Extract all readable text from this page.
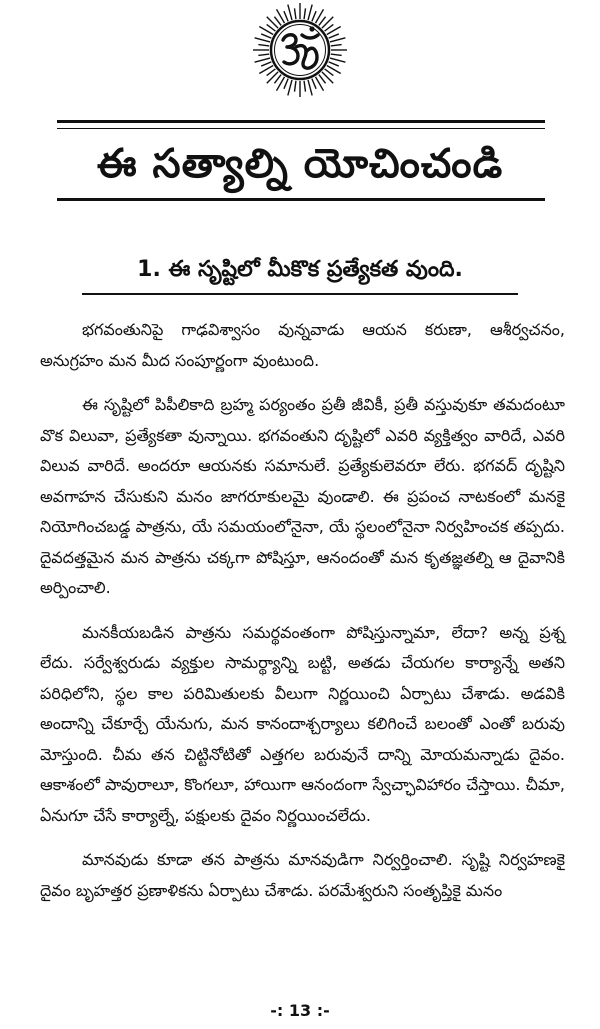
ఈ సత్యాల్ని యోచించండి
1. ఈ సృష్టిలో మీకొక ప్రత్యేకత వుంది.

భగవంతునిపై గాఢవిశ్వాసం వున్నవాడు ఆయన కరుణా, ఆశీర్వచనం, అనుగ్రహం మన మీద సంపూర్ణంగా వుంటుంది.

ఈ సృష్టిలో పిపీలికాది బ్రహ్మ పర్యంతం ప్రతీ జీవికీ, ప్రతీ వస్తువుకూ తమదంటూ వొక విలువా, ప్రత్యేకతా వున్నాయి. భగవంతుని దృష్టిలో ఎవరి వ్యక్తిత్వం వారిదే, ఎవరి విలువ వారిదే. అందరూ ఆయనకు సమానులే. ప్రత్యేకులెవరూ లేరు. భగవద్ దృష్టిని అవగాహన చేసుకుని మనం జాగరూకులమై వుండాలి. ఈ ప్రపంచ నాటకంలో మనకై నియోగించబడ్డ పాత్రను, యే సమయంలోనైనా, యే స్థలంలోనైనా నిర్వహించక తప్పదు. దైవదత్తమైన మన పాత్రను చక్కగా పోషిస్తూ, ఆనందంతో మన కృతజ్ఞతల్ని ఆ దైవానికి అర్పించాలి.

మనకీయబడిన పాత్రను సమర్థవంతంగా పోషిస్తున్నామా, లేదా? అన్న ప్రశ్న లేదు. సర్వేశ్వరుడు వ్యక్తుల సామర్థ్యాన్ని బట్టి, అతడు చేయగల కార్యాన్నే అతని పరిధిలోని, స్థల కాల పరిమితులకు వీలుగా నిర్ణయించి ఏర్పాటు చేశాడు. అడవికి అందాన్ని చేకూర్చే యేనుగు, మన కానందాశ్చర్యాలు కలిగించే బలంతో ఎంతో బరువు మోస్తుంది. చీమ తన చిట్టినోటితో ఎత్తగల బరువునే దాన్ని మోయమన్నాడు దైవం. ఆకాశంలో పావురాలూ, కొంగలూ, హాయిగా ఆనందంగా స్వేచ్ఛావిహారం చేస్తాయి. చీమా, ఏనుగూ చేసే కార్యాల్నే, పక్షులకు దైవం నిర్ణయించలేదు.

మానవుడు కూడా తన పాత్రను మానవుడిగా నిర్వర్తించాలి. సృష్టి నిర్వహణకై దైవం బృహత్తర ప్రణాళికను ఏర్పాటు చేశాడు. పరమేశ్వరుని సంతృప్తికై మనం

-: 13 :-
